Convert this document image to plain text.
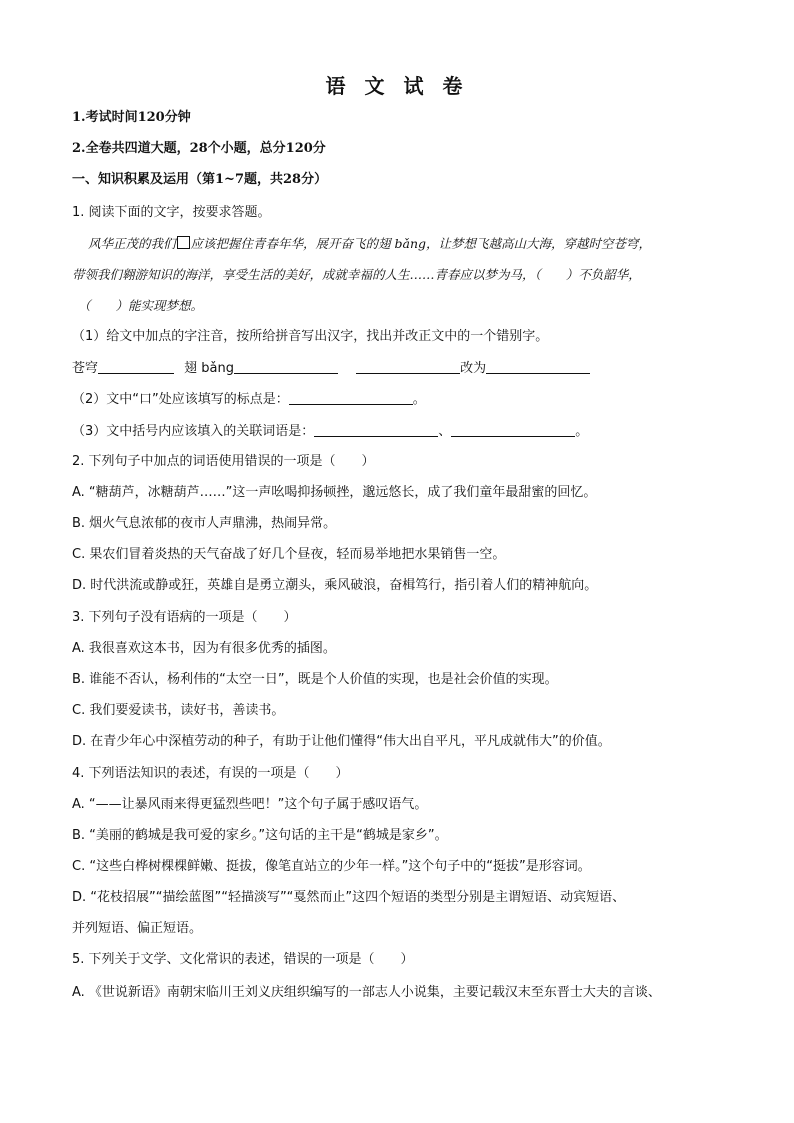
语 文 试 卷
1.考试时间120分钟
2.全卷共四道大题，28个小题，总分120分
一、知识积累及运用（第1~7题，共28分）
1. 阅读下面的文字，按要求答题。
风华正茂的我们 应该把握住青春年华，展开奋飞的翅 bǎng，让梦想飞越高山大海，穿越时空苍穹，
带领我们翱游知识的海洋，享受生活的美好，成就幸福的人生……青春应以梦为马，（　　）不负韶华，
（　　）能实现梦想。
（1）给文中加点的字注音，按所给拼音写出汉字，找出并改正文中的一个错别字。
苍穹	翅 bǎng	改为
（2）文中“口”处应该填写的标点是：	。
（3）文中括号内应该填入的关联词语是：	、	。
2. 下列句子中加点的词语使用错误的一项是（　　）
A. “糖葫芦，冰糖葫芦……”这一声吆喝抑扬顿挫，邈远悠长，成了我们童年最甜蜜的回忆。
B. 烟火气息浓郁的夜市人声鼎沸，热闹异常。
C. 果农们冒着炎热的天气奋战了好几个昼夜，轻而易举地把水果销售一空。
D. 时代洪流或静或狂，英雄自是勇立潮头，乘风破浪，奋楫笃行，指引着人们的精神航向。
3. 下列句子没有语病的一项是（　　）
A. 我很喜欢这本书，因为有很多优秀的插图。
B. 谁能不否认，杨利伟的“太空一日”，既是个人价值的实现，也是社会价值的实现。
C. 我们要爱读书，读好书，善读书。
D. 在青少年心中深植劳动的种子，有助于让他们懂得“伟大出自平凡，平凡成就伟大”的价值。
4. 下列语法知识的表述，有误的一项是（　　）
A. “——让暴风雨来得更猛烈些吧！”这个句子属于感叹语气。
B. “美丽的鹤城是我可爱的家乡。”这句话的主干是“鹤城是家乡”。
C. “这些白桦树棵棵鲜嫩、挺拔，像笔直站立的少年一样。”这个句子中的“挺拔”是形容词。
D. “花枝招展”“描绘蓝图”“轻描淡写”“戛然而止”这四个短语的类型分别是主谓短语、动宾短语、
并列短语、偏正短语。
5. 下列关于文学、文化常识的表述，错误的一项是（　　）
A. 《世说新语》南朝宋临川王刘义庆组织编写的一部志人小说集，主要记载汉末至东晋士大夫的言谈、
